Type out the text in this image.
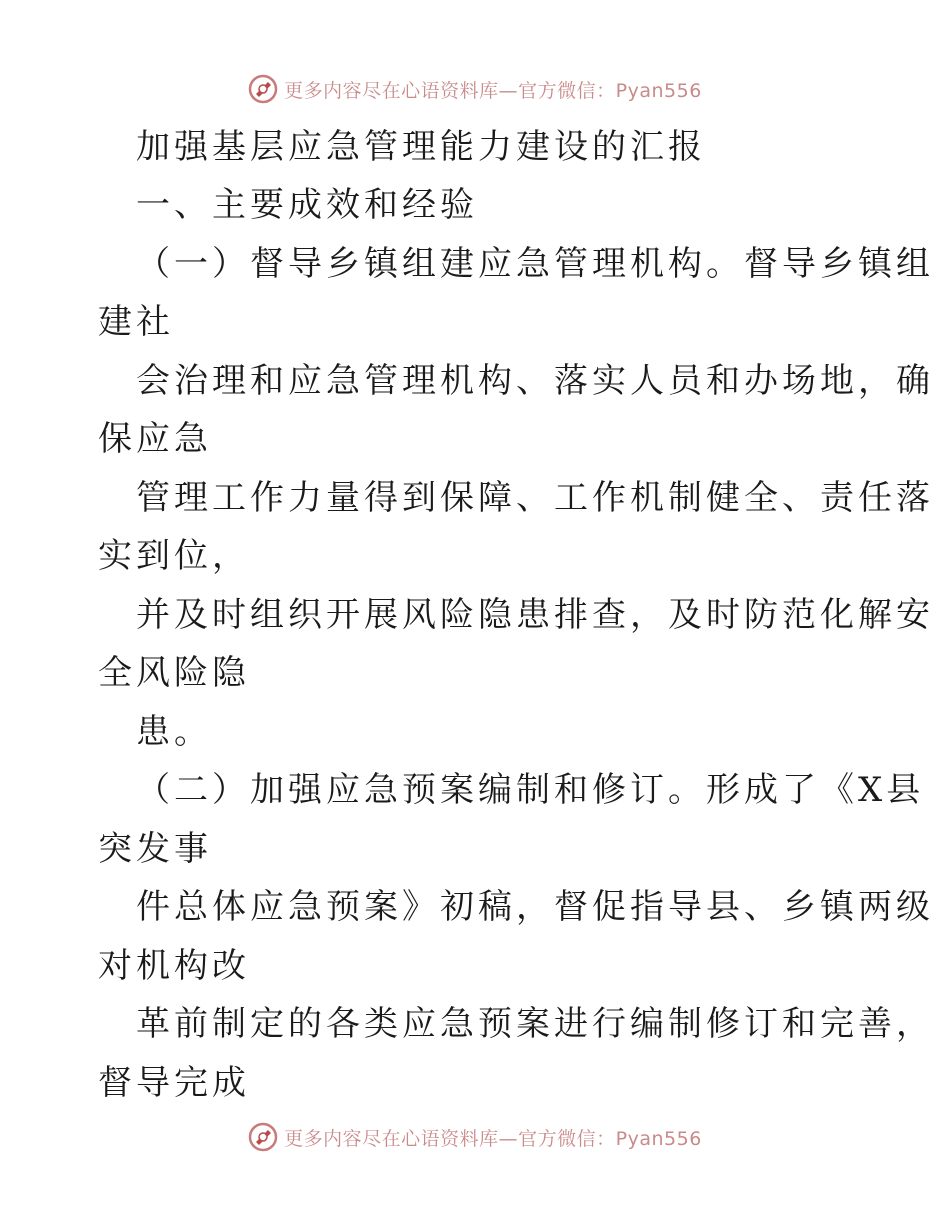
更多内容尽在心语资料库—官方微信：Pyan556
加强基层应急管理能力建设的汇报
一、主要成效和经验
（一）督导乡镇组建应急管理机构。督导乡镇组
建社
会治理和应急管理机构、落实人员和办场地，确
保应急
管理工作力量得到保障、工作机制健全、责任落
实到位，
并及时组织开展风险隐患排查，及时防范化解安
全风险隐
患。
（二）加强应急预案编制和修订。形成了《X县
突发事
件总体应急预案》初稿，督促指导县、乡镇两级
对机构改
革前制定的各类应急预案进行编制修订和完善，
督导完成
更多内容尽在心语资料库—官方微信：Pyan556
